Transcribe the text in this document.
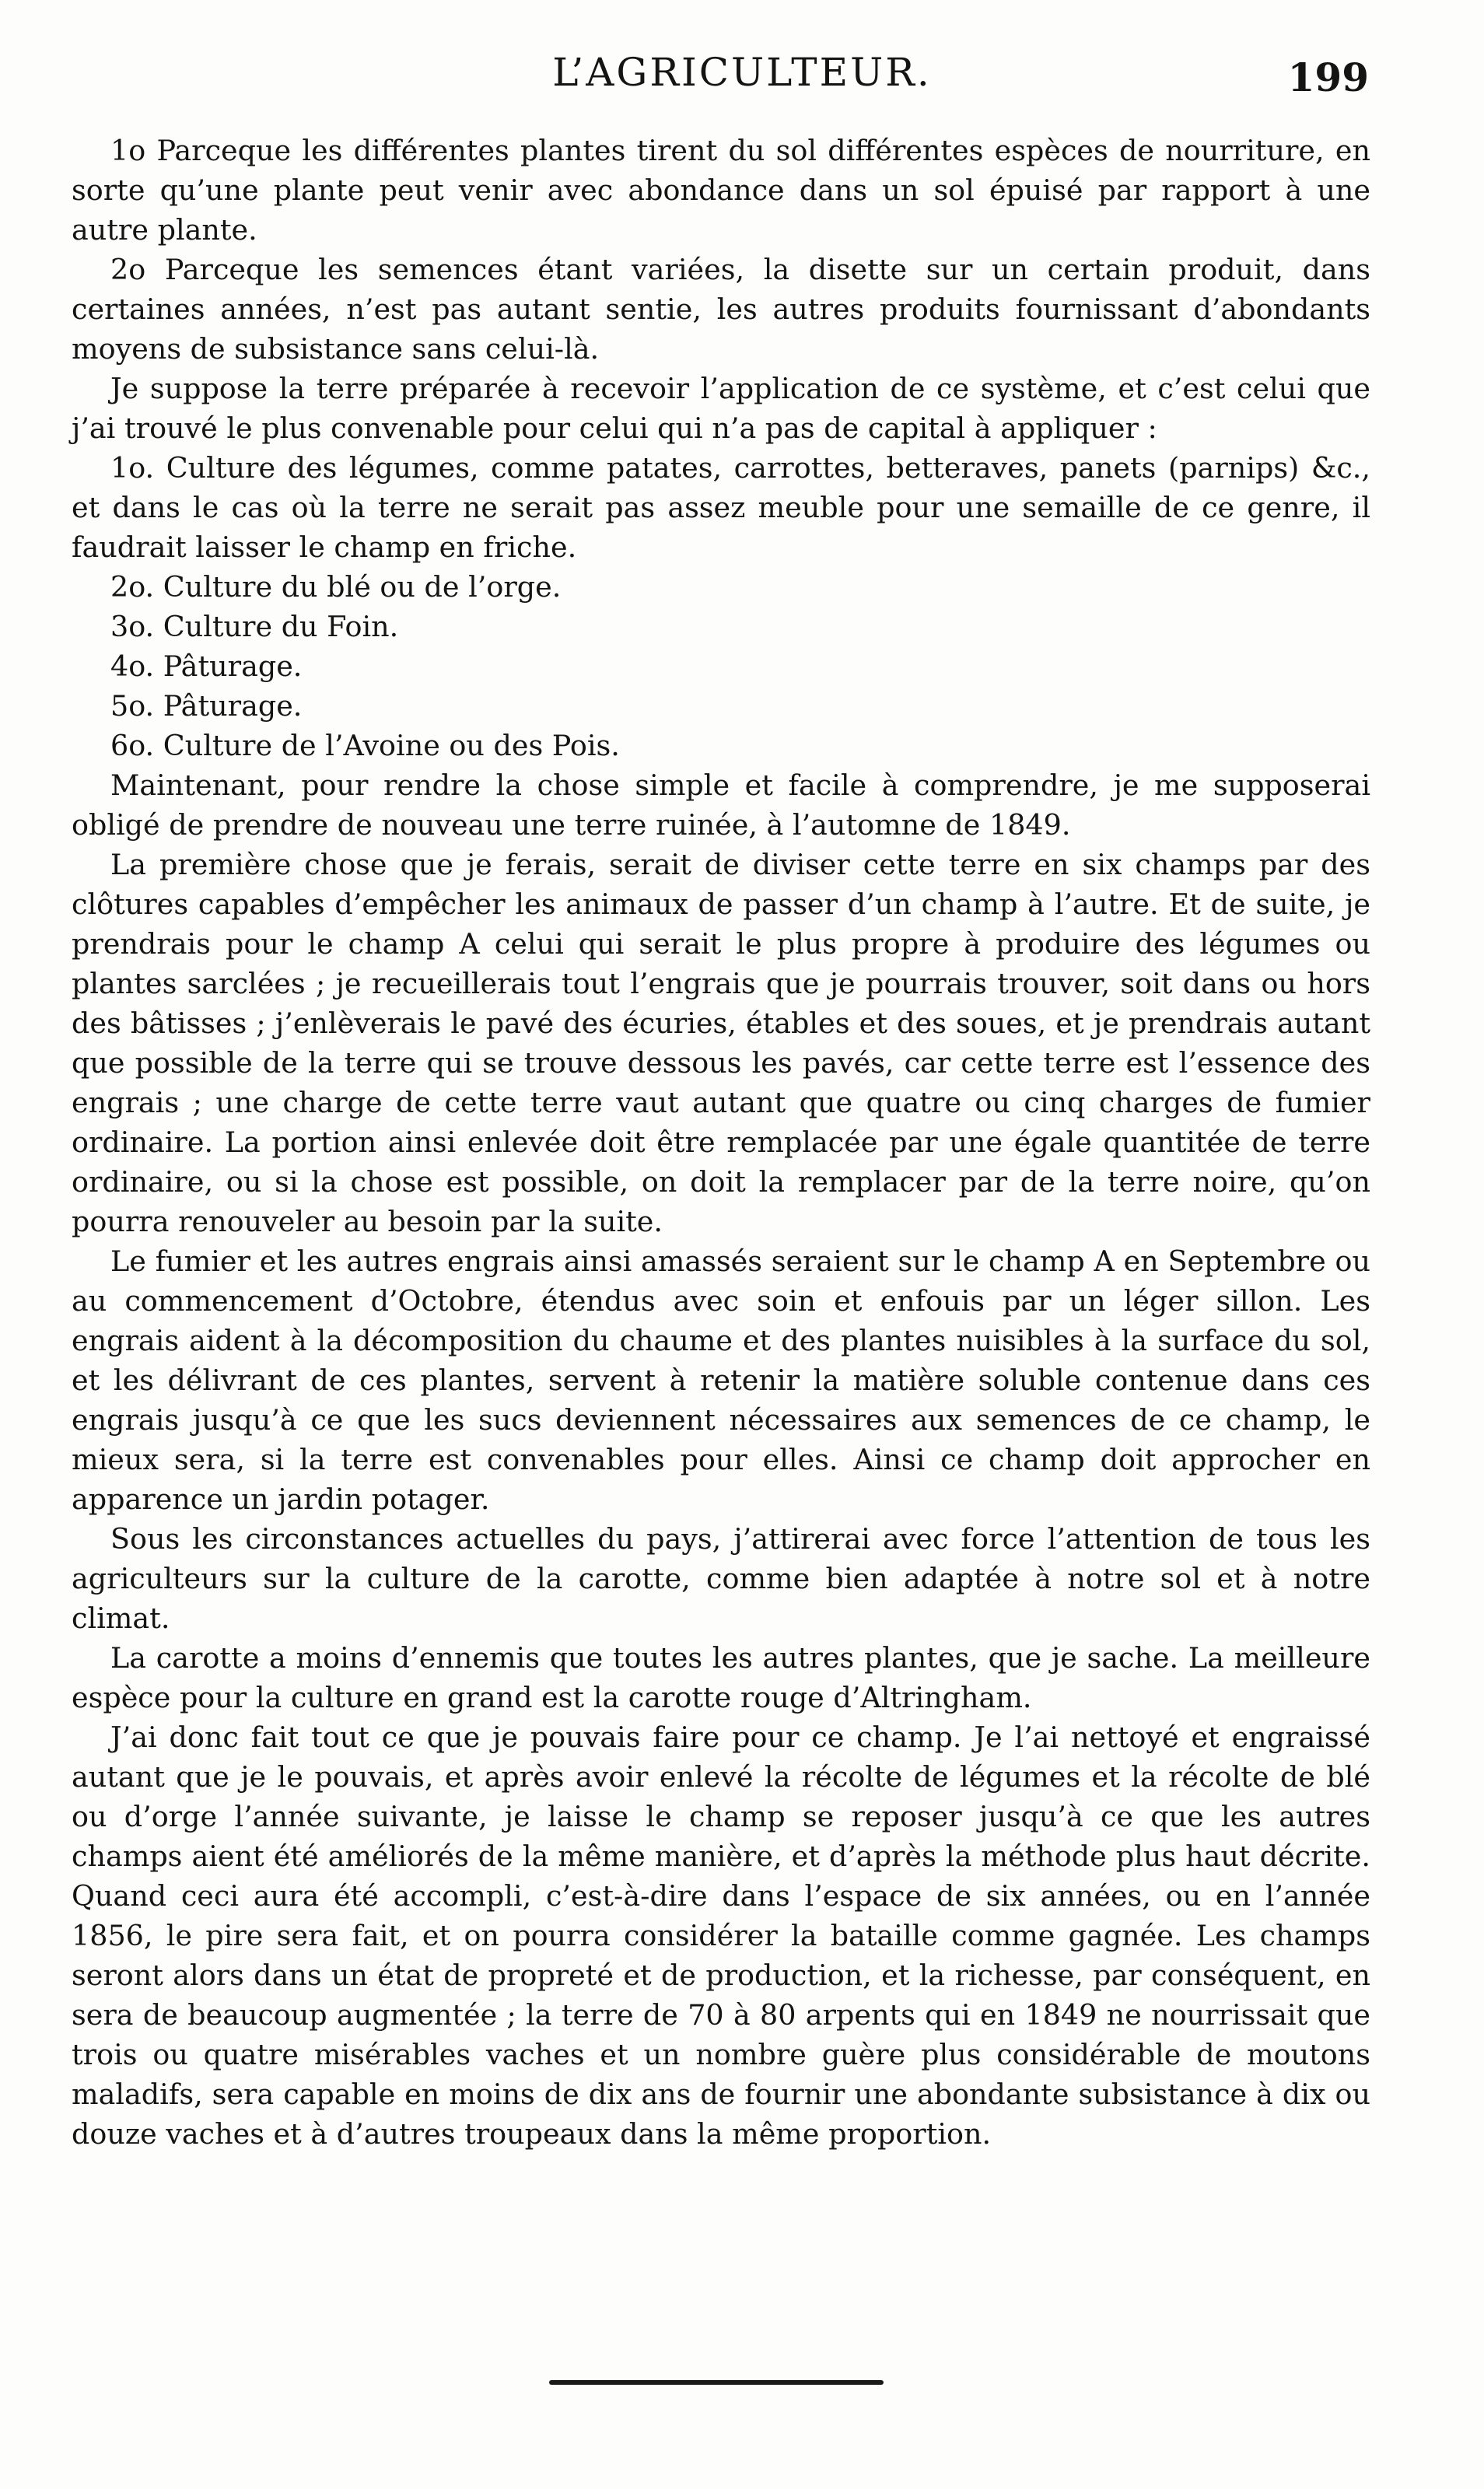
L’AGRICULTEUR.	199

1o Parceque les différentes plantes tirent du sol différentes espèces de nourriture, en sorte qu’une plante peut venir avec abondance dans un sol épuisé par rapport à une autre plante.

2o Parceque les semences étant variées, la disette sur un certain produit, dans certaines années, n’est pas autant sentie, les autres produits fournissant d’abondants moyens de subsistance sans celui-là.

Je suppose la terre préparée à recevoir l’application de ce système, et c’est celui que j’ai trouvé le plus convenable pour celui qui n’a pas de capital à appliquer :

1o. Culture des légumes, comme patates, carrottes, betteraves, panets (parnips) &c., et dans le cas où la terre ne serait pas assez meuble pour une semaille de ce genre, il faudrait laisser le champ en friche.

2o. Culture du blé ou de l’orge.

3o. Culture du Foin.

4o. Pâturage.

5o. Pâturage.

6o. Culture de l’Avoine ou des Pois.

Maintenant, pour rendre la chose simple et facile à comprendre, je me supposerai obligé de prendre de nouveau une terre ruinée, à l’automne de 1849.

La première chose que je ferais, serait de diviser cette terre en six champs par des clôtures capables d’empêcher les animaux de passer d’un champ à l’autre. Et de suite, je prendrais pour le champ A celui qui serait le plus propre à produire des légumes ou plantes sarclées ; je recueillerais tout l’engrais que je pourrais trouver, soit dans ou hors des bâtisses ; j’enlèverais le pavé des écuries, étables et des soues, et je prendrais autant que possible de la terre qui se trouve dessous les pavés, car cette terre est l’essence des engrais ; une charge de cette terre vaut autant que quatre ou cinq charges de fumier ordinaire. La portion ainsi enlevée doit être remplacée par une égale quantitée de terre ordinaire, ou si la chose est possible, on doit la remplacer par de la terre noire, qu’on pourra renouveler au besoin par la suite.

Le fumier et les autres engrais ainsi amassés seraient sur le champ A en Septembre ou au commencement d’Octobre, étendus avec soin et enfouis par un léger sillon. Les engrais aident à la décomposition du chaume et des plantes nuisibles à la surface du sol, et les délivrant de ces plantes, servent à retenir la matière soluble contenue dans ces engrais jusqu’à ce que les sucs deviennent nécessaires aux semences de ce champ, le mieux sera, si la terre est convenables pour elles. Ainsi ce champ doit approcher en apparence un jardin potager.

Sous les circonstances actuelles du pays, j’attirerai avec force l’attention de tous les agriculteurs sur la culture de la carotte, comme bien adaptée à notre sol et à notre climat.

La carotte a moins d’ennemis que toutes les autres plantes, que je sache. La meilleure espèce pour la culture en grand est la carotte rouge d’Altringham.

J’ai donc fait tout ce que je pouvais faire pour ce champ. Je l’ai nettoyé et engraissé autant que je le pouvais, et après avoir enlevé la récolte de légumes et la récolte de blé ou d’orge l’année suivante, je laisse le champ se reposer jusqu’à ce que les autres champs aient été améliorés de la même manière, et d’après la méthode plus haut décrite. Quand ceci aura été accompli, c’est-à-dire dans l’espace de six années, ou en l’année 1856, le pire sera fait, et on pourra considérer la bataille comme gagnée. Les champs seront alors dans un état de propreté et de production, et la richesse, par conséquent, en sera de beaucoup augmentée ; la terre de 70 à 80 arpents qui en 1849 ne nourrissait que trois ou quatre misérables vaches et un nombre guère plus considérable de moutons maladifs, sera capable en moins de dix ans de fournir une abondante subsistance à dix ou douze vaches et à d’autres troupeaux dans la même proportion.
